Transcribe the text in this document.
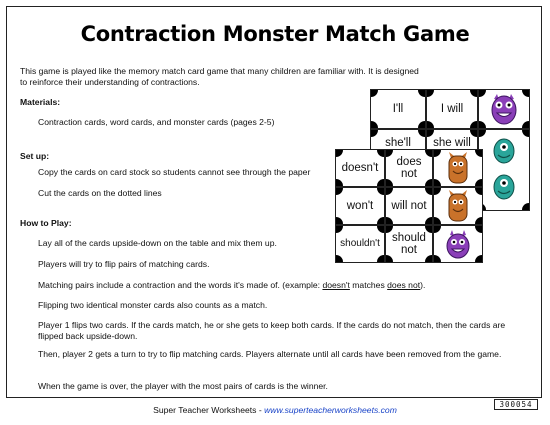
Contraction Monster Match Game
This game is played like the memory match card game that many children are familiar with. It is designed to reinforce their understanding of contractions.
Materials:
Contraction cards, word cards, and monster cards (pages 2-5)
Set up:
Copy the cards on card stock so students cannot see through the paper
Cut the cards on the dotted lines
How to Play:
Lay all of the cards upside-down on the table and mix them up.
Players will try to flip pairs of matching cards.
Matching pairs include a contraction and the words it's made of. (example: doesn't matches does not).
Flipping two identical monster cards also counts as a match.
Player 1 flips two cards. If the cards match, he or she gets to keep both cards. If the cards do not match, then the cards are flipped back upside-down.
Then, player 2 gets a turn to try to flip matching cards. Players alternate until all cards have been removed from the game.
When the game is over, the player with the most pairs of cards is the winner.
I'll	I will
she'll she will
doesn't	does not
won't will not
shouldn't should not
300054
Super Teacher Worksheets - www.superteacherworksheets.com
